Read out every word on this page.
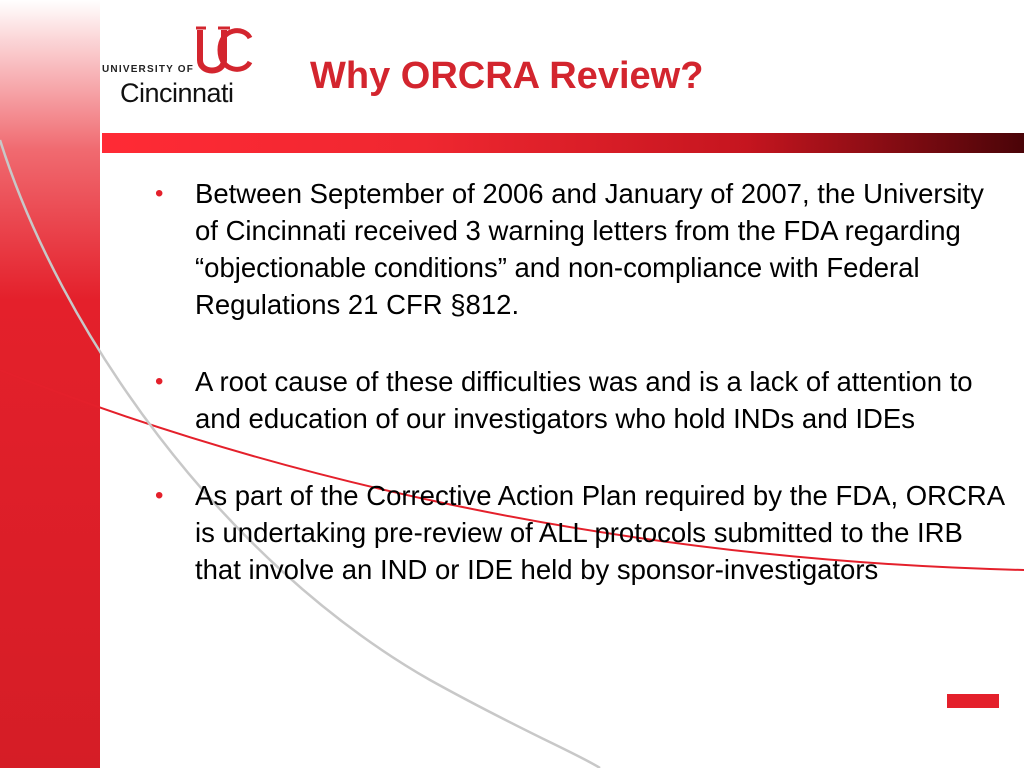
UNIVERSITY OF
Cincinnati Why ORCRA Review?
• Between September of 2006 and January of 2007, the University of Cincinnati received 3 warning letters from the FDA regarding “objectionable conditions” and non-compliance with Federal Regulations 21 CFR §812.
• A root cause of these difficulties was and is a lack of attention to and education of our investigators who hold INDs and IDEs
• As part of the Corrective Action Plan required by the FDA, ORCRA is undertaking pre-review of ALL protocols submitted to the IRB that involve an IND or IDE held by sponsor-investigators
